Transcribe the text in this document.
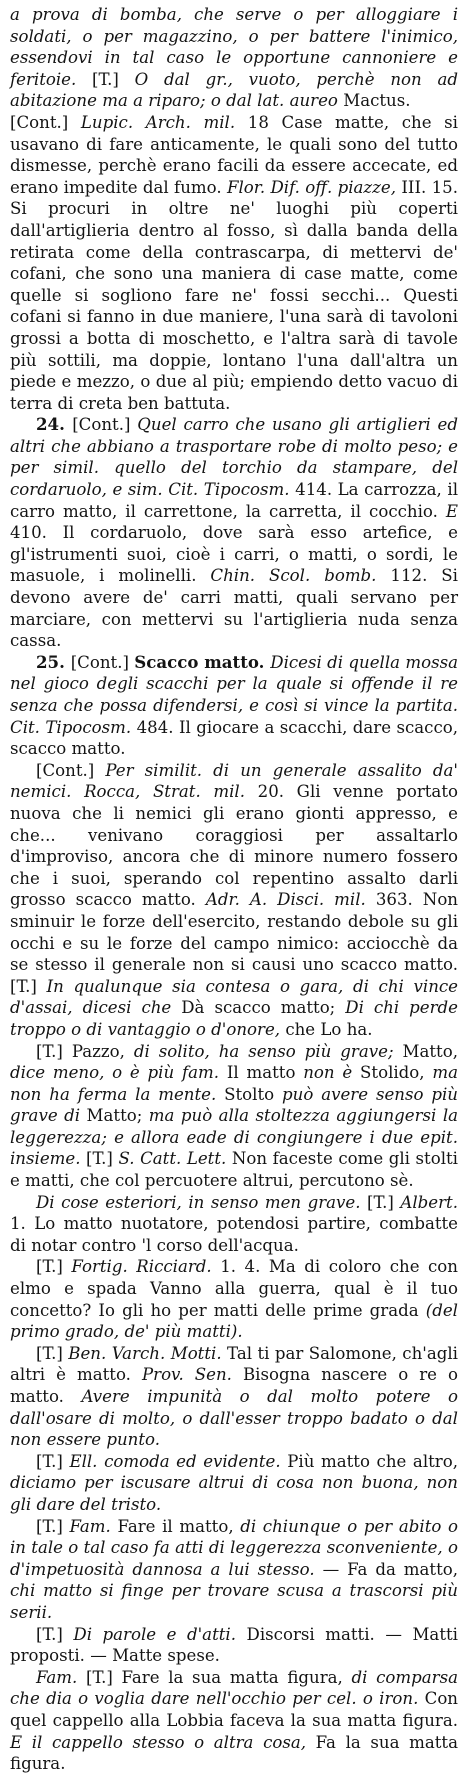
a prova di bomba, che serve o per alloggiare i soldati, o per magazzino, o per battere l'inimico, essendovi in tal caso le opportune cannoniere e feritoie. [T.] O dal gr., vuoto, perchè non ad abitazione ma a riparo; o dal lat. aureo Mactus.

[Cont.] Lupic. Arch. mil. 18 Case matte, che si usavano di fare anticamente, le quali sono del tutto dismesse, perchè erano facili da essere accecate, ed erano impedite dal fumo. Flor. Dif. off. piazze, III. 15. Si procuri in oltre ne' luoghi più coperti dall'artiglieria dentro al fosso, sì dalla banda della retirata come della contrascarpa, di mettervi de' cofani, che sono una maniera di case matte, come quelle si sogliono fare ne' fossi secchi... Questi cofani si fanno in due maniere, l'una sarà di tavoloni grossi a botta di moschetto, e l'altra sarà di tavole più sottili, ma doppie, lontano l'una dall'altra un piede e mezzo, o due al più; empiendo detto vacuo di terra di creta ben battuta.

24. [Cont.] Quel carro che usano gli artiglieri ed altri che abbiano a trasportare robe di molto peso; e per simil. quello del torchio da stampare, del cordaruolo, e sim. Cit. Tipocosm. 414. La carrozza, il carro matto, il carrettone, la carretta, il cocchio. E 410. Il cordaruolo, dove sarà esso artefice, e gl'istrumenti suoi, cioè i carri, o matti, o sordi, le masuole, i molinelli. Chin. Scol. bomb. 112. Si devono avere de' carri matti, quali servano per marciare, con mettervi su l'artiglieria nuda senza cassa.

25. [Cont.] Scacco matto. Dicesi di quella mossa nel gioco degli scacchi per la quale si offende il re senza che possa difendersi, e così si vince la partita. Cit. Tipocosm. 484. Il giocare a scacchi, dare scacco, scacco matto.

[Cont.] Per similit. di un generale assalito da' nemici. Rocca, Strat. mil. 20. Gli venne portato nuova che li nemici gli erano gionti appresso, e che... venivano coraggiosi per assaltarlo d'improviso, ancora che di minore numero fossero che i suoi, sperando col repentino assalto darli grosso scacco matto. Adr. A. Disci. mil. 363. Non sminuir le forze dell'esercito, restando debole su gli occhi e su le forze del campo nimico: acciocchè da se stesso il generale non si causi uno scacco matto. [T.] In qualunque sia contesa o gara, di chi vince d'assai, dicesi che Dà scacco matto; Di chi perde troppo o di vantaggio o d'onore, che Lo ha.

[T.] Pazzo, di solito, ha senso più grave; Matto, dice meno, o è più fam. Il matto non è Stolido, ma non ha ferma la mente. Stolto può avere senso più grave di Matto; ma può alla stoltezza aggiungersi la leggerezza; e allora eade di congiungere i due epit. insieme. [T.] S. Catt. Lett. Non faceste come gli stolti e matti, che col percuotere altrui, percutono sè.

Di cose esteriori, in senso men grave. [T.] Albert. 1. Lo matto nuotatore, potendosi partire, combatte di notar contro 'l corso dell'acqua.

[T.] Fortig. Ricciard. 1. 4. Ma di coloro che con elmo e spada Vanno alla guerra, qual è il tuo concetto? Io gli ho per matti delle prime grada (del primo grado, de' più matti).

[T.] Ben. Varch. Motti. Tal ti par Salomone, ch'agli altri è matto. Prov. Sen. Bisogna nascere o re o matto. Avere impunità o dal molto potere o dall'osare di molto, o dall'esser troppo badato o dal non essere punto.

[T.] Ell. comoda ed evidente. Più matto che altro, diciamo per iscusare altrui di cosa non buona, non gli dare del tristo.

[T.] Fam. Fare il matto, di chiunque o per abito o in tale o tal caso fa atti di leggerezza sconveniente, o d'impetuosità dannosa a lui stesso. — Fa da matto, chi matto si finge per trovare scusa a trascorsi più serii.

[T.] Di parole e d'atti. Discorsi matti. — Matti proposti. — Matte spese.

Fam. [T.] Fare la sua matta figura, di comparsa che dia o voglia dare nell'occhio per cel. o iron. Con quel cappello alla Lobbia faceva la sua matta figura. E il cappello stesso o altra cosa, Fa la sua matta figura.
